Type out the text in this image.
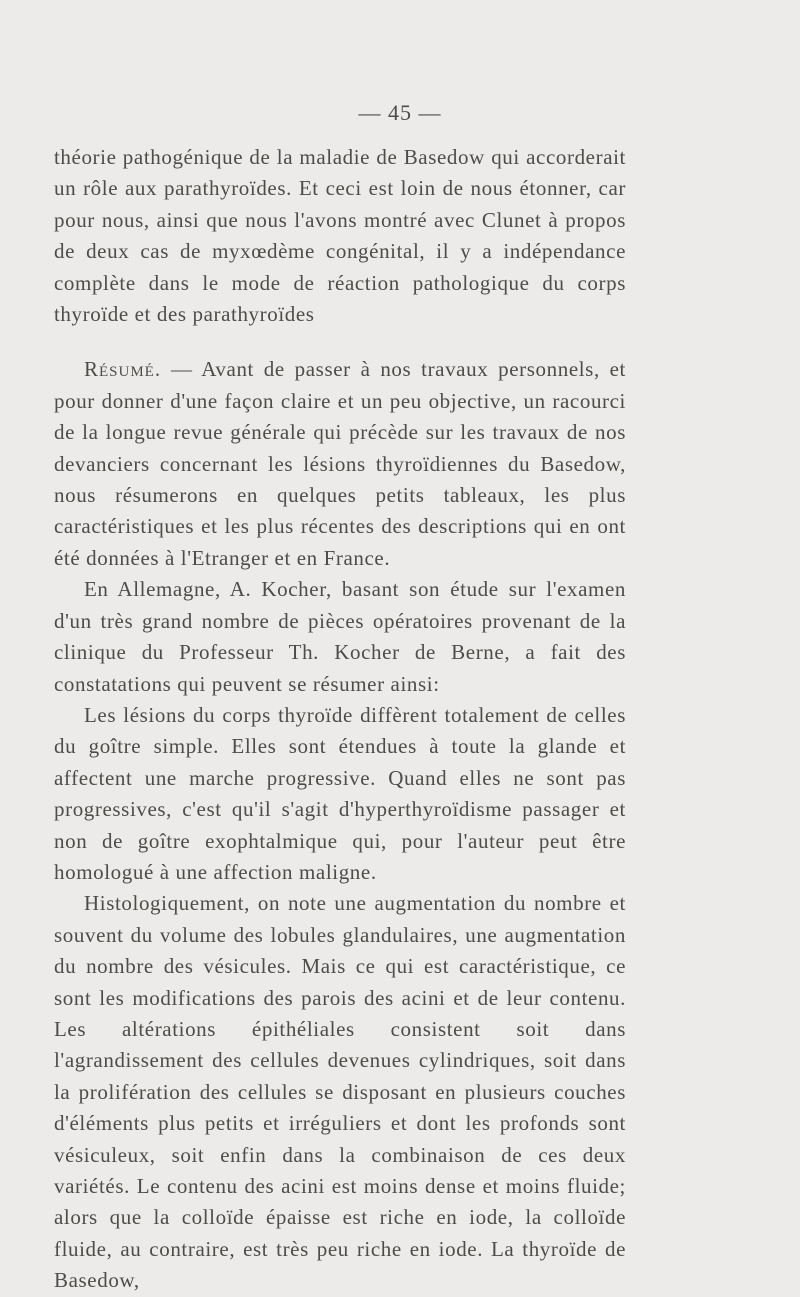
— 45 —

théorie pathogénique de la maladie de Basedow qui accorderait un rôle aux parathyroïdes. Et ceci est loin de nous étonner, car pour nous, ainsi que nous l'avons montré avec Clunet à propos de deux cas de myxœdème congénital, il y a indépendance complète dans le mode de réaction pathologique du corps thyroïde et des parathyroïdes

Résumé. — Avant de passer à nos travaux personnels, et pour donner d'une façon claire et un peu objective, un racourci de la longue revue générale qui précède sur les travaux de nos devanciers concernant les lésions thyroïdiennes du Basedow, nous résumerons en quelques petits tableaux, les plus caractéristiques et les plus récentes des descriptions qui en ont été données à l'Etranger et en France.

En Allemagne, A. Kocher, basant son étude sur l'examen d'un très grand nombre de pièces opératoires provenant de la clinique du Professeur Th. Kocher de Berne, a fait des constatations qui peuvent se résumer ainsi:

Les lésions du corps thyroïde diffèrent totalement de celles du goître simple. Elles sont étendues à toute la glande et affectent une marche progressive. Quand elles ne sont pas progressives, c'est qu'il s'agit d'hyperthyroïdisme passager et non de goître exophtalmique qui, pour l'auteur peut être homologué à une affection maligne.

Histologiquement, on note une augmentation du nombre et souvent du volume des lobules glandulaires, une augmentation du nombre des vésicules. Mais ce qui est caractéristique, ce sont les modifications des parois des acini et de leur contenu. Les altérations épithéliales consistent soit dans l'agrandissement des cellules devenues cylindriques, soit dans la prolifération des cellules se disposant en plusieurs couches d'éléments plus petits et irréguliers et dont les profonds sont vésiculeux, soit enfin dans la combinaison de ces deux variétés. Le contenu des acini est moins dense et moins fluide; alors que la colloïde épaisse est riche en iode, la colloïde fluide, au contraire, est très peu riche en iode. La thyroïde de Basedow,
